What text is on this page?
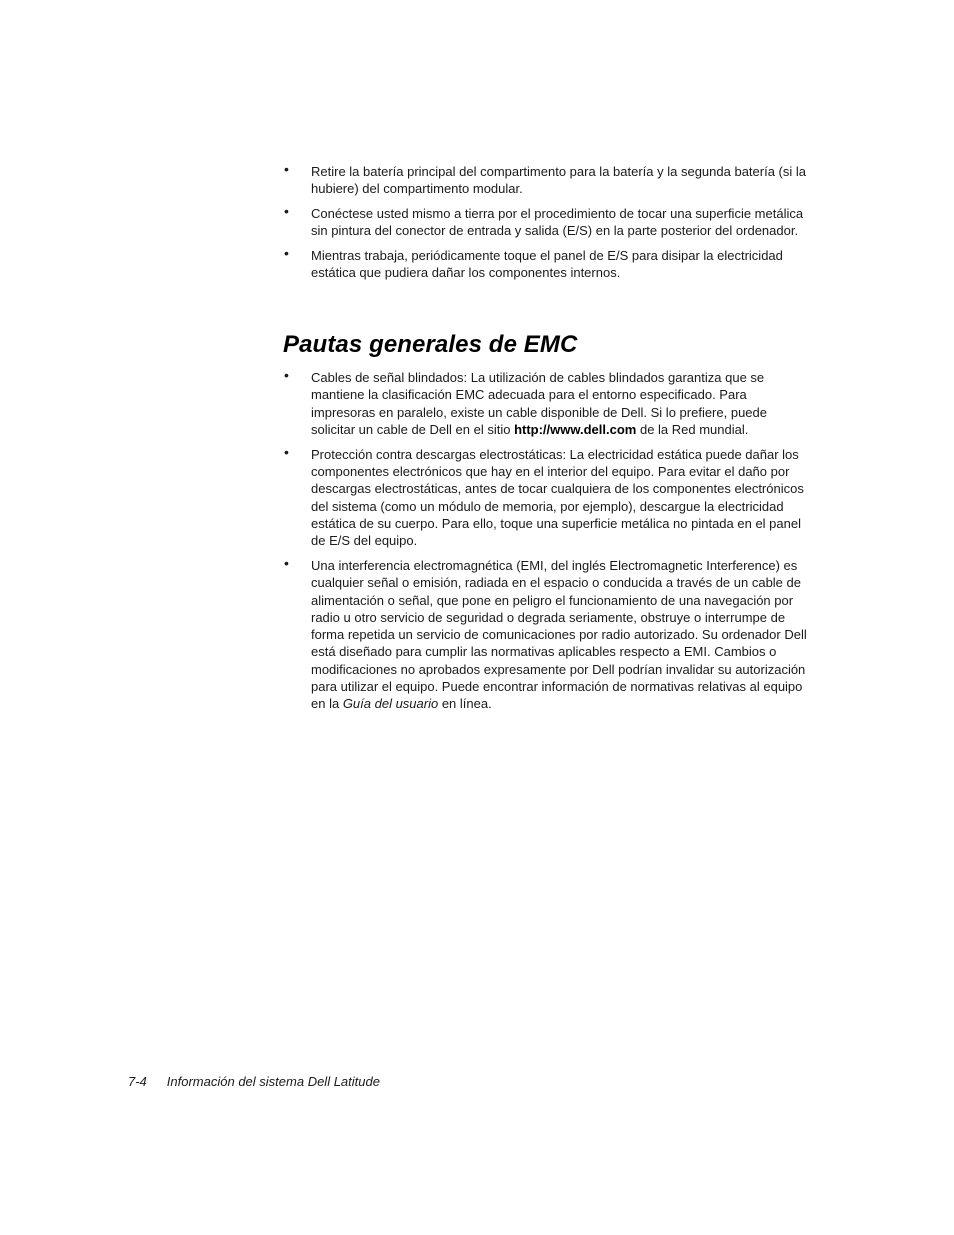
• Retire la batería principal del compartimento para la batería y la segunda batería (si la hubiere) del compartimento modular.
• Conéctese usted mismo a tierra por el procedimiento de tocar una superficie metálica sin pintura del conector de entrada y salida (E/S) en la parte posterior del ordenador.
• Mientras trabaja, periódicamente toque el panel de E/S para disipar la electricidad estática que pudiera dañar los componentes internos.
Pautas generales de EMC
• Cables de señal blindados: La utilización de cables blindados garantiza que se mantiene la clasificación EMC adecuada para el entorno especificado. Para impresoras en paralelo, existe un cable disponible de Dell. Si lo prefiere, puede solicitar un cable de Dell en el sitio http://www.dell.com de la Red mundial.
• Protección contra descargas electrostáticas: La electricidad estática puede dañar los componentes electrónicos que hay en el interior del equipo. Para evitar el daño por descargas electrostáticas, antes de tocar cualquiera de los componentes electrónicos del sistema (como un módulo de memoria, por ejemplo), descargue la electricidad estática de su cuerpo. Para ello, toque una superficie metálica no pintada en el panel de E/S del equipo.
• Una interferencia electromagnética (EMI, del inglés Electromagnetic Interference) es cualquier señal o emisión, radiada en el espacio o conducida a través de un cable de alimentación o señal, que pone en peligro el funcionamiento de una navegación por radio u otro servicio de seguridad o degrada seriamente, obstruye o interrumpe de forma repetida un servicio de comunicaciones por radio autorizado. Su ordenador Dell está diseñado para cumplir las normativas aplicables respecto a EMI. Cambios o modificaciones no aprobados expresamente por Dell podrían invalidar su autorización para utilizar el equipo. Puede encontrar información de normativas relativas al equipo en la Guía del usuario en línea.
7-4 Información del sistema Dell Latitude
